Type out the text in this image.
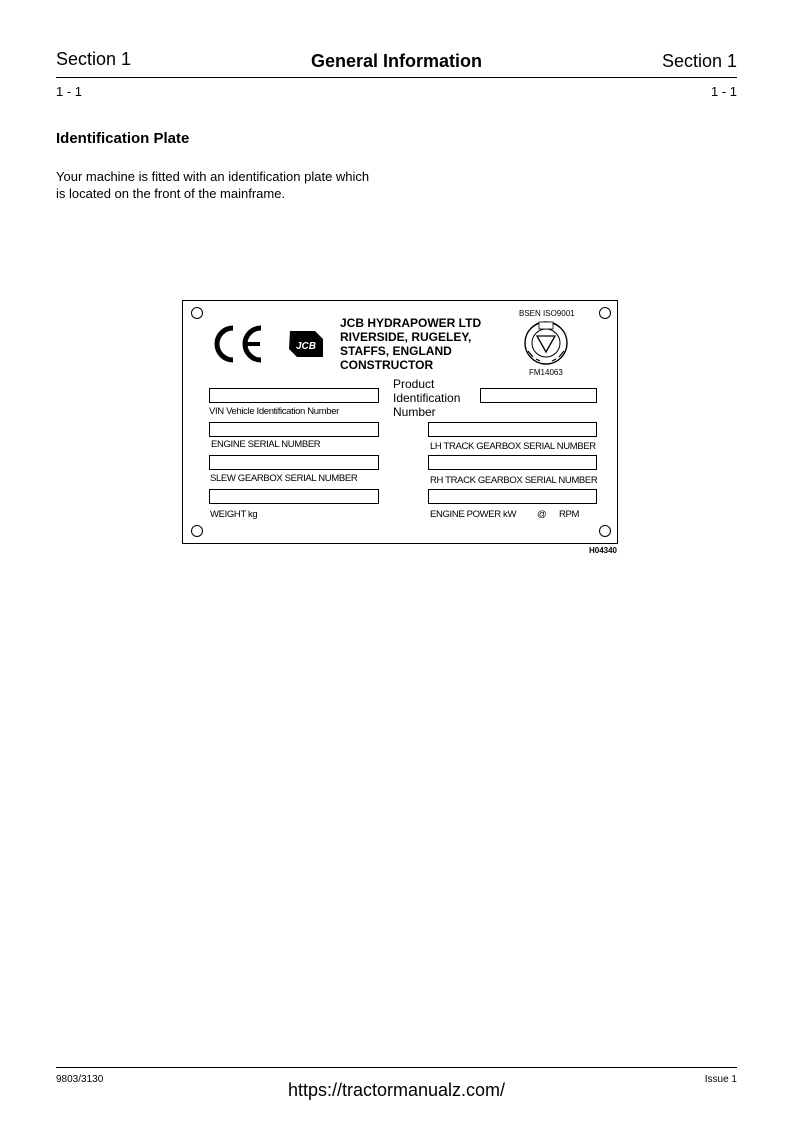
Section 1	General Information	Section 1
1 - 1	1 - 1
Identification Plate
Your machine is fitted with an identification plate which
is located on the front of the mainframe.
JCB
JCB HYDRAPOWER LTD
RIVERSIDE, RUGELEY,
STAFFS, ENGLAND
CONSTRUCTOR
BSEN ISO9001
FM14063
VIN Vehicle Identification Number
Product
Identification
Number
ENGINE SERIAL NUMBER	LH TRACK GEARBOX SERIAL NUMBER
SLEW GEARBOX SERIAL NUMBER	RH TRACK GEARBOX SERIAL NUMBER
WEIGHT kg	ENGINE POWER kW @ RPM
H04340
9803/3130	Issue 1
https://tractormanualz.com/
